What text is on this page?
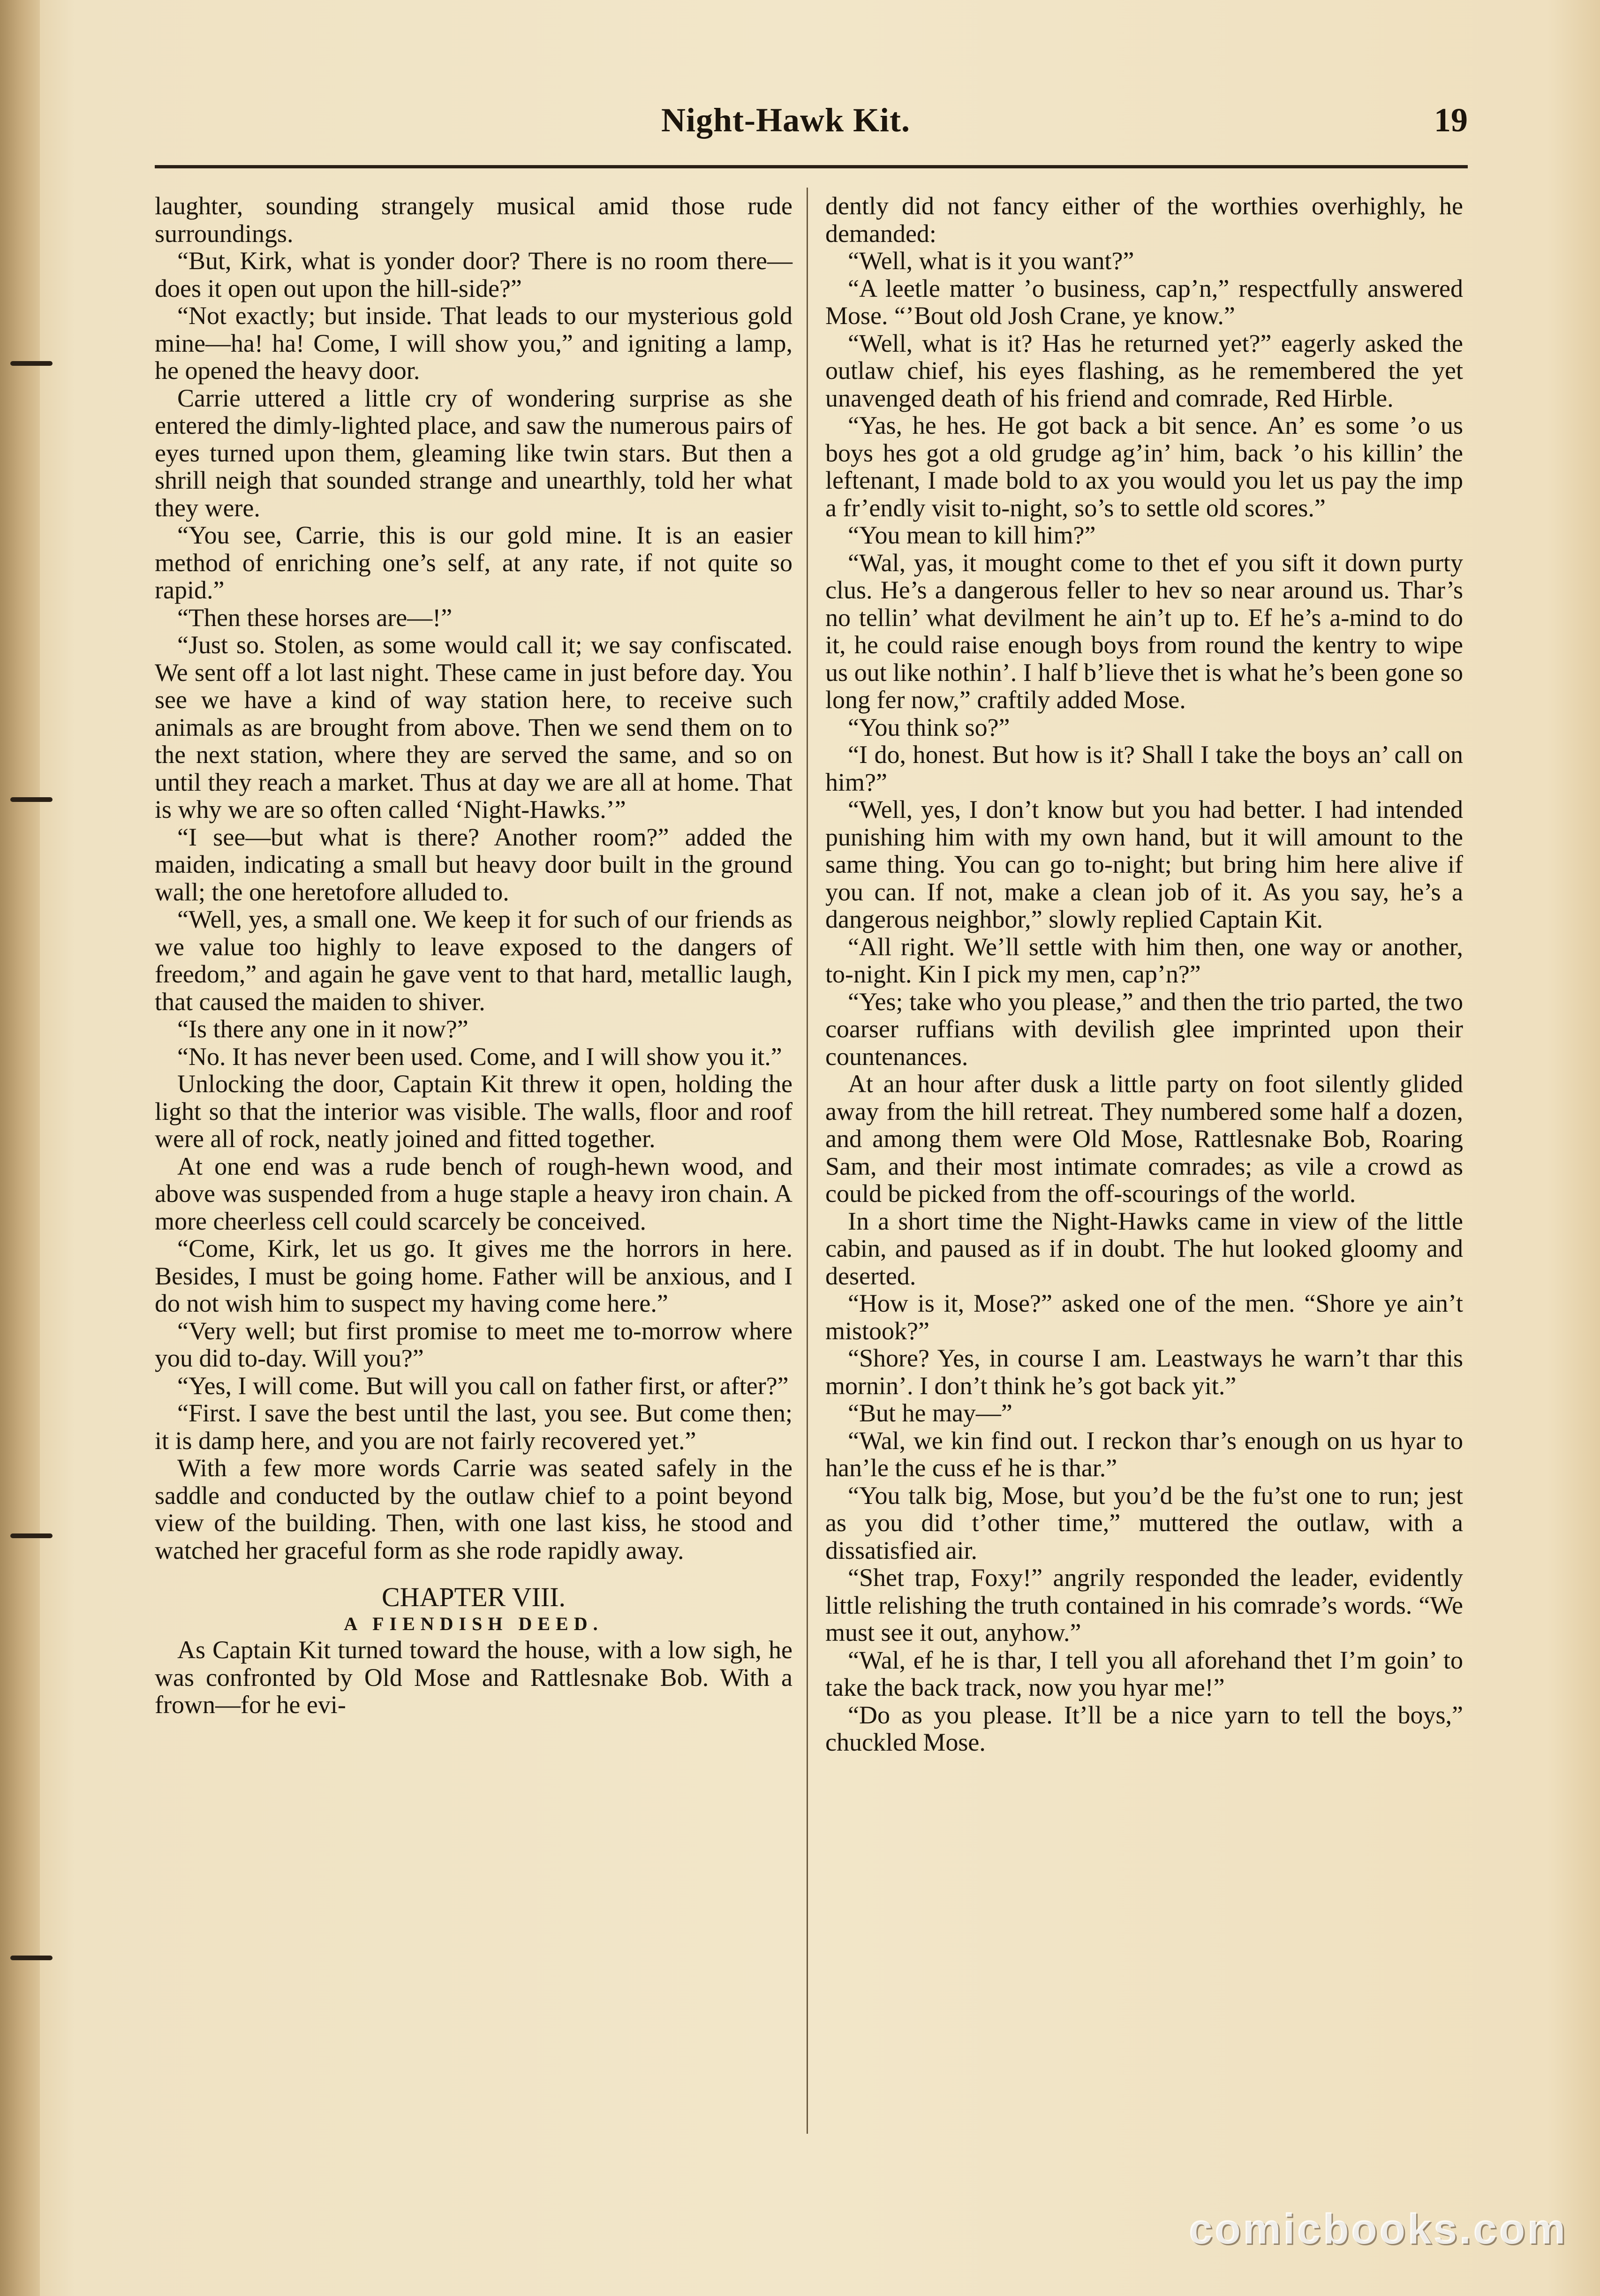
Night-Hawk Kit.	19

laughter, sounding strangely musical amid those rude surroundings.

“But, Kirk, what is yonder door? There is no room there—does it open out upon the hill-side?”

“Not exactly; but inside. That leads to our mysterious gold mine—ha! ha! Come, I will show you,” and igniting a lamp, he opened the heavy door.

Carrie uttered a little cry of wondering surprise as she entered the dimly-lighted place, and saw the numerous pairs of eyes turned upon them, gleaming like twin stars. But then a shrill neigh that sounded strange and unearthly, told her what they were.

“You see, Carrie, this is our gold mine. It is an easier method of enriching one’s self, at any rate, if not quite so rapid.”

“Then these horses are—!”

“Just so. Stolen, as some would call it; we say confiscated. We sent off a lot last night. These came in just before day. You see we have a kind of way station here, to receive such animals as are brought from above. Then we send them on to the next station, where they are served the same, and so on until they reach a market. Thus at day we are all at home. That is why we are so often called ‘Night-Hawks.’”

“I see—but what is there? Another room?” added the maiden, indicating a small but heavy door built in the ground wall; the one heretofore alluded to.

“Well, yes, a small one. We keep it for such of our friends as we value too highly to leave exposed to the dangers of freedom,” and again he gave vent to that hard, metallic laugh, that caused the maiden to shiver.

“Is there any one in it now?”

“No. It has never been used. Come, and I will show you it.”

Unlocking the door, Captain Kit threw it open, holding the light so that the interior was visible. The walls, floor and roof were all of rock, neatly joined and fitted together.

At one end was a rude bench of rough-hewn wood, and above was suspended from a huge staple a heavy iron chain. A more cheerless cell could scarcely be conceived.

“Come, Kirk, let us go. It gives me the horrors in here. Besides, I must be going home. Father will be anxious, and I do not wish him to suspect my having come here.”

“Very well; but first promise to meet me to-morrow where you did to-day. Will you?”

“Yes, I will come. But will you call on father first, or after?”

“First. I save the best until the last, you see. But come then; it is damp here, and you are not fairly recovered yet.”

With a few more words Carrie was seated safely in the saddle and conducted by the outlaw chief to a point beyond view of the building. Then, with one last kiss, he stood and watched her graceful form as she rode rapidly away.

CHAPTER VIII.
A FIENDISH DEED.

As Captain Kit turned toward the house, with a low sigh, he was confronted by Old Mose and Rattlesnake Bob. With a frown—for he evi-

dently did not fancy either of the worthies overhighly, he demanded:

“Well, what is it you want?”

“A leetle matter ’o business, cap’n,” respectfully answered Mose. “’Bout old Josh Crane, ye know.”

“Well, what is it? Has he returned yet?” eagerly asked the outlaw chief, his eyes flashing, as he remembered the yet unavenged death of his friend and comrade, Red Hirble.

“Yas, he hes. He got back a bit sence. An’ es some ’o us boys hes got a old grudge ag’in’ him, back ’o his killin’ the leftenant, I made bold to ax you would you let us pay the imp a fr’endly visit to-night, so’s to settle old scores.”

“You mean to kill him?”

“Wal, yas, it mought come to thet ef you sift it down purty clus. He’s a dangerous feller to hev so near around us. Thar’s no tellin’ what devilment he ain’t up to. Ef he’s a-mind to do it, he could raise enough boys from round the kentry to wipe us out like nothin’. I half b’lieve thet is what he’s been gone so long fer now,” craftily added Mose.

“You think so?”

“I do, honest. But how is it? Shall I take the boys an’ call on him?”

“Well, yes, I don’t know but you had better. I had intended punishing him with my own hand, but it will amount to the same thing. You can go to-night; but bring him here alive if you can. If not, make a clean job of it. As you say, he’s a dangerous neighbor,” slowly replied Captain Kit.

“All right. We’ll settle with him then, one way or another, to-night. Kin I pick my men, cap’n?”

“Yes; take who you please,” and then the trio parted, the two coarser ruffians with devilish glee imprinted upon their countenances.

At an hour after dusk a little party on foot silently glided away from the hill retreat. They numbered some half a dozen, and among them were Old Mose, Rattlesnake Bob, Roaring Sam, and their most intimate comrades; as vile a crowd as could be picked from the off-scourings of the world.

In a short time the Night-Hawks came in view of the little cabin, and paused as if in doubt. The hut looked gloomy and deserted.

“How is it, Mose?” asked one of the men. “Shore ye ain’t mistook?”

“Shore? Yes, in course I am. Leastways he warn’t thar this mornin’. I don’t think he’s got back yit.”

“But he may—”

“Wal, we kin find out. I reckon thar’s enough on us hyar to han’le the cuss ef he is thar.”

“You talk big, Mose, but you’d be the fu’st one to run; jest as you did t’other time,” muttered the outlaw, with a dissatisfied air.

“Shet trap, Foxy!” angrily responded the leader, evidently little relishing the truth contained in his comrade’s words. “We must see it out, anyhow.”

“Wal, ef he is thar, I tell you all aforehand thet I’m goin’ to take the back track, now you hyar me!”

“Do as you please. It’ll be a nice yarn to tell the boys,” chuckled Mose.

comicbooks.com
